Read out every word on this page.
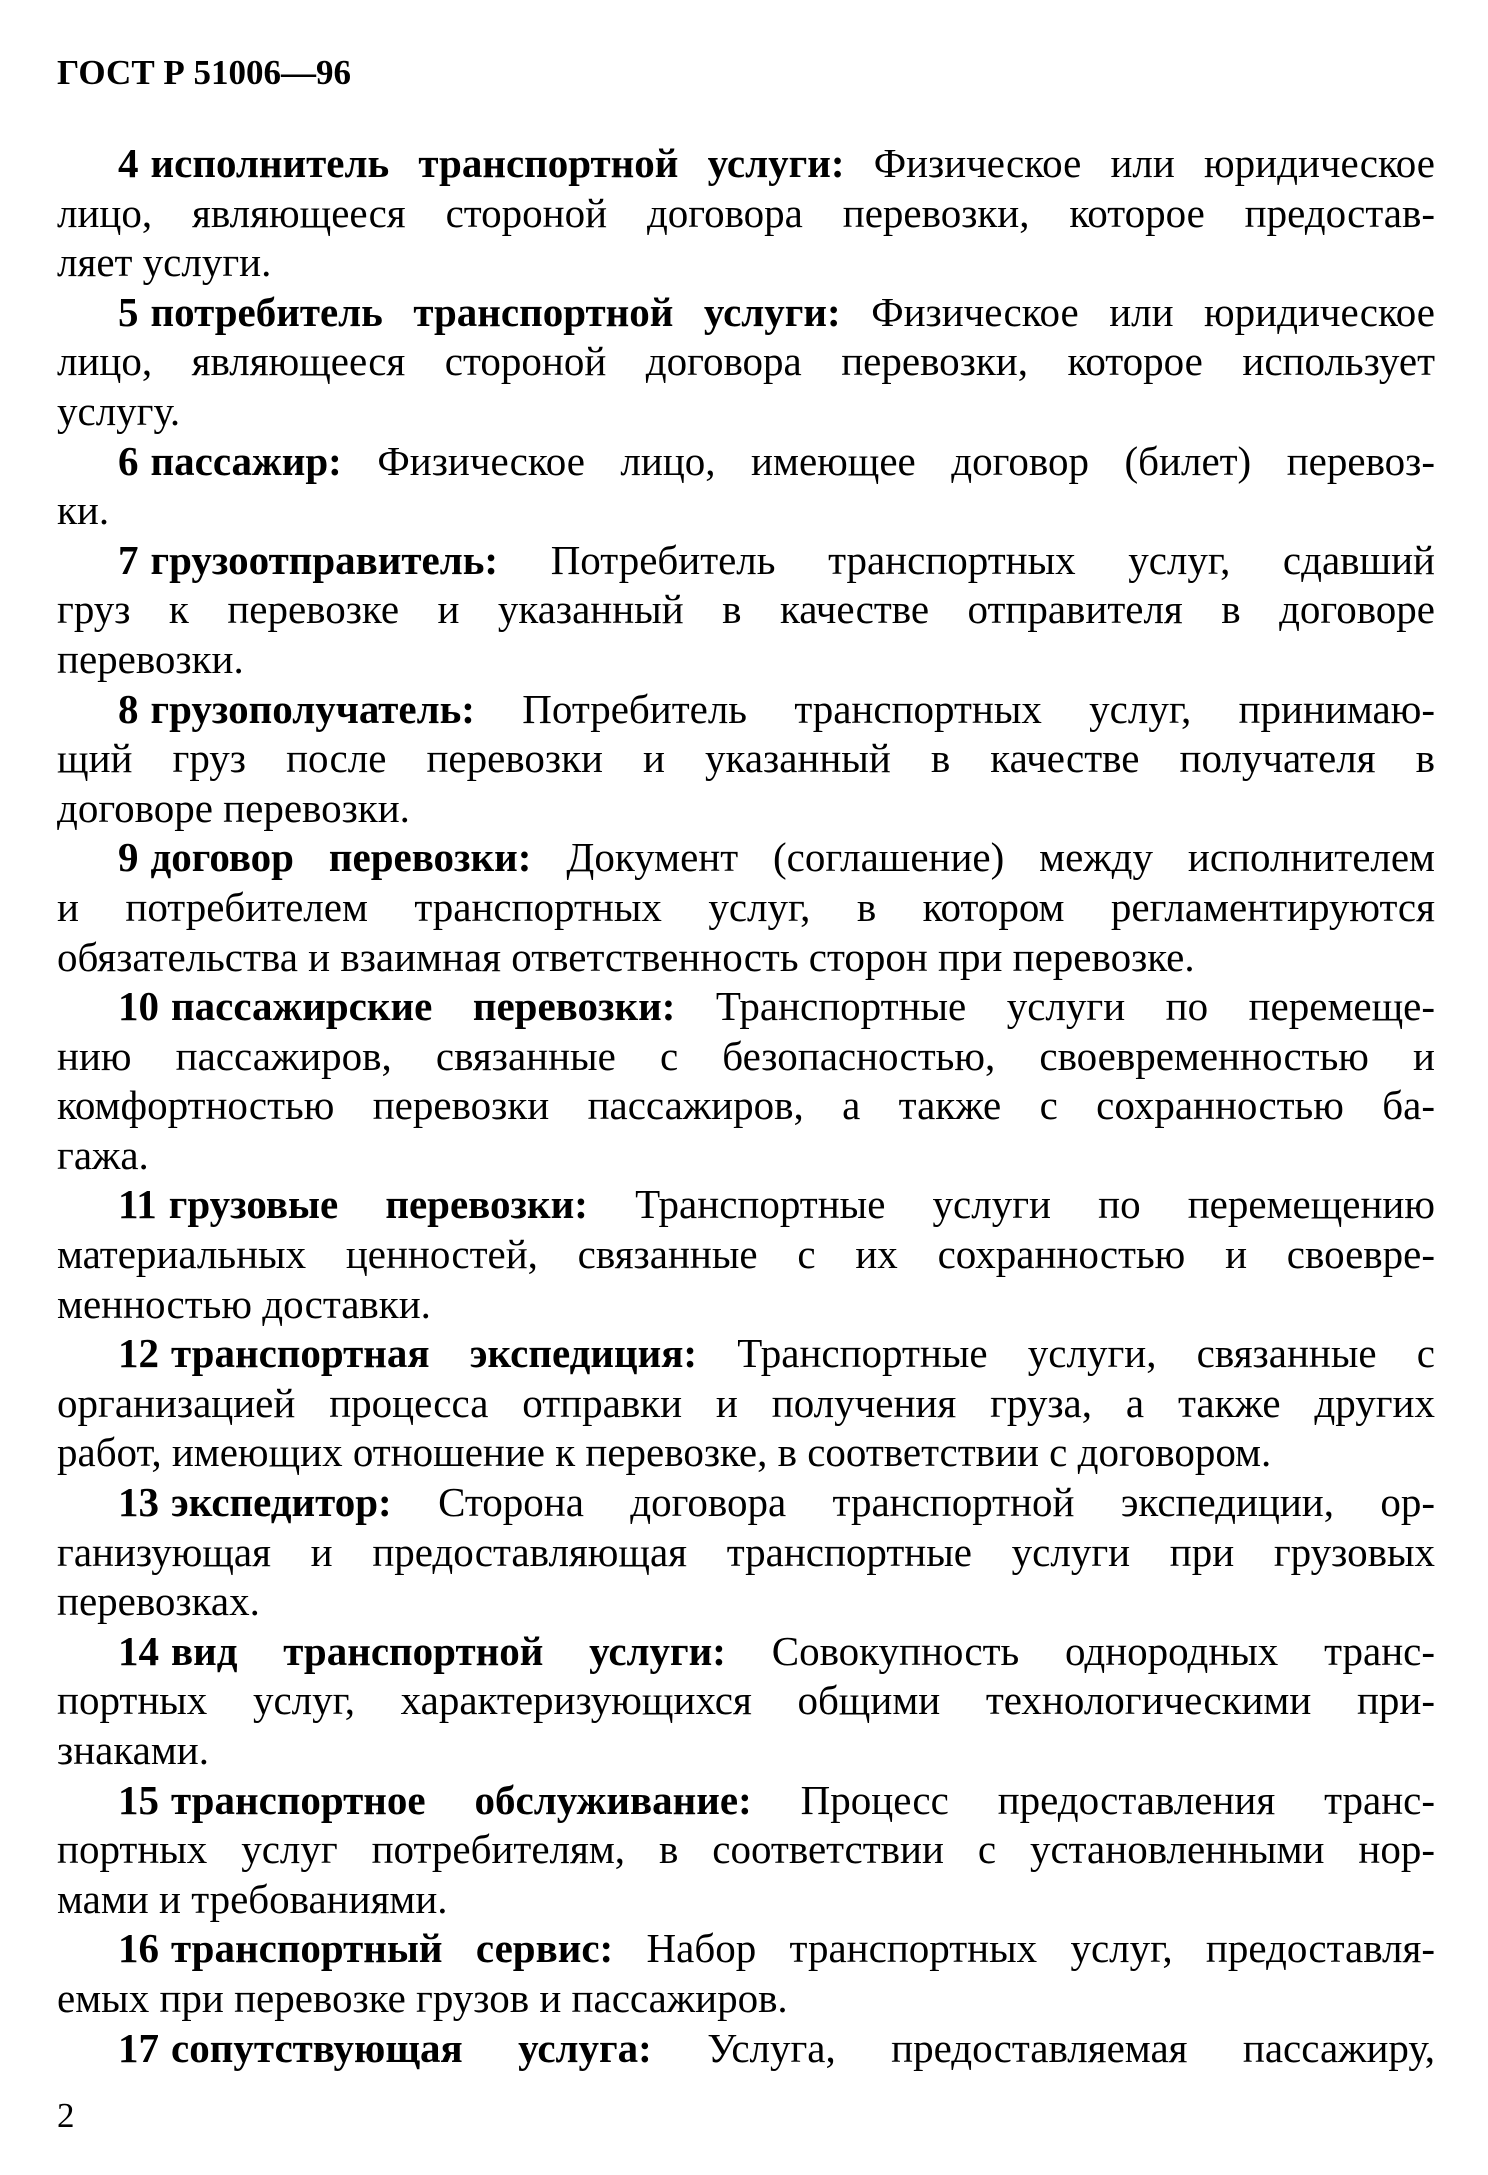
ГОСТ Р 51006—96
4 исполнитель транспортной услуги: Физическое или юридическое
лицо, являющееся стороной договора перевозки, которое предостав-
ляет услуги.
5 потребитель транспортной услуги: Физическое или юридическое
лицо, являющееся стороной договора перевозки, которое использует
услугу.
6 пассажир: Физическое лицо, имеющее договор (билет) перевоз-
ки.
7 грузоотправитель: Потребитель транспортных услуг, сдавший
груз к перевозке и указанный в качестве отправителя в договоре
перевозки.
8 грузополучатель: Потребитель транспортных услуг, принимаю-
щий груз после перевозки и указанный в качестве получателя в
договоре перевозки.
9 договор перевозки: Документ (соглашение) между исполнителем
и потребителем транспортных услуг, в котором регламентируются
обязательства и взаимная ответственность сторон при перевозке.
10 пассажирские перевозки: Транспортные услуги по перемеще-
нию пассажиров, связанные с безопасностью, своевременностью и
комфортностью перевозки пассажиров, а также с сохранностью ба-
гажа.
11 грузовые перевозки: Транспортные услуги по перемещению
материальных ценностей, связанные с их сохранностью и своевре-
менностью доставки.
12 транспортная экспедиция: Транспортные услуги, связанные с
организацией процесса отправки и получения груза, а также других
работ, имеющих отношение к перевозке, в соответствии с договором.
13 экспедитор: Сторона договора транспортной экспедиции, ор-
ганизующая и предоставляющая транспортные услуги при грузовых
перевозках.
14 вид транспортной услуги: Совокупность однородных транс-
портных услуг, характеризующихся общими технологическими при-
знаками.
15 транспортное обслуживание: Процесс предоставления транс-
портных услуг потребителям, в соответствии с установленными нор-
мами и требованиями.
16 транспортный сервис: Набор транспортных услуг, предоставля-
емых при перевозке грузов и пассажиров.
17 сопутствующая услуга: Услуга, предоставляемая пассажиру,
2
